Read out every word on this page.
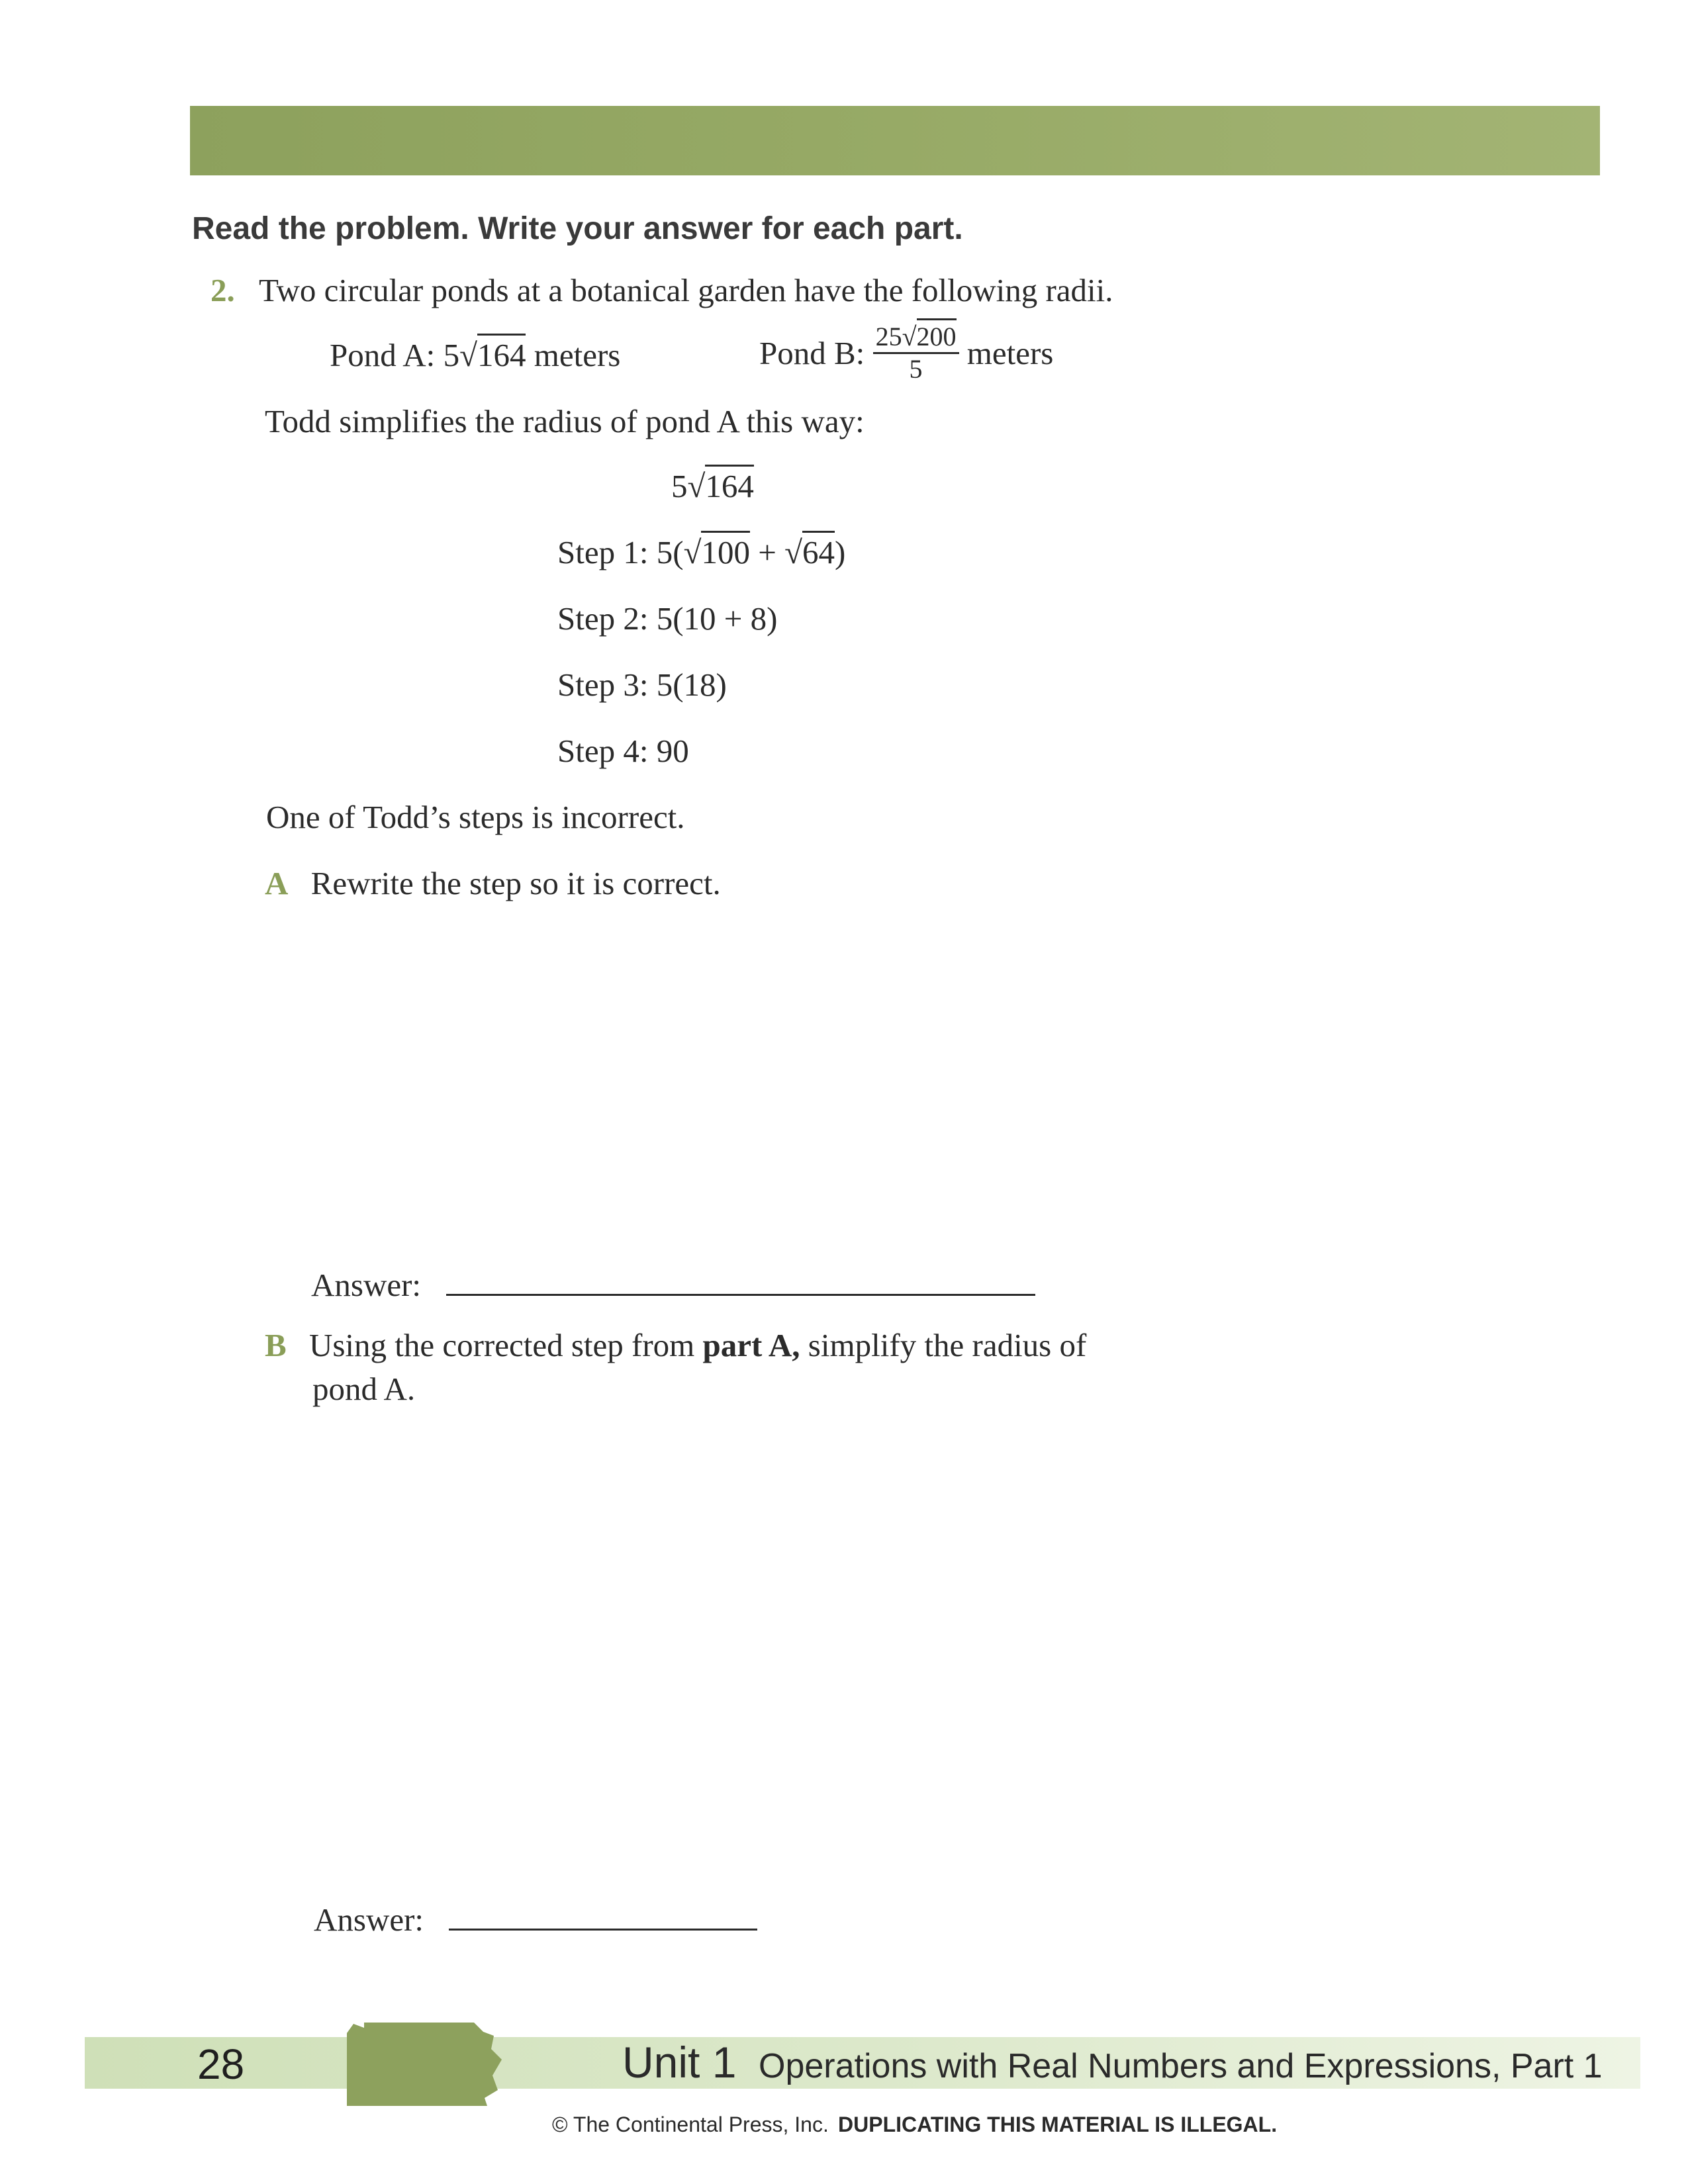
Read the problem. Write your answer for each part.
2. Two circular ponds at a botanical garden have the following radii.
Pond A: 5√164 meters	Pond B: $\frac{25√200}{5}$ meters
Todd simplifies the radius of pond A this way:
5√164
Step 1: 5(√100 + √64)
Step 2: 5(10 + 8)
Step 3: 5(18)
Step 4: 90
One of Todd’s steps is incorrect.
A Rewrite the step so it is correct.
Answer:
B Using the corrected step from part A, simplify the radius of
pond A.
Answer:
28	Unit 1 Operations with Real Numbers and Expressions, Part 1
© The Continental Press, Inc. DUPLICATING THIS MATERIAL IS ILLEGAL.
